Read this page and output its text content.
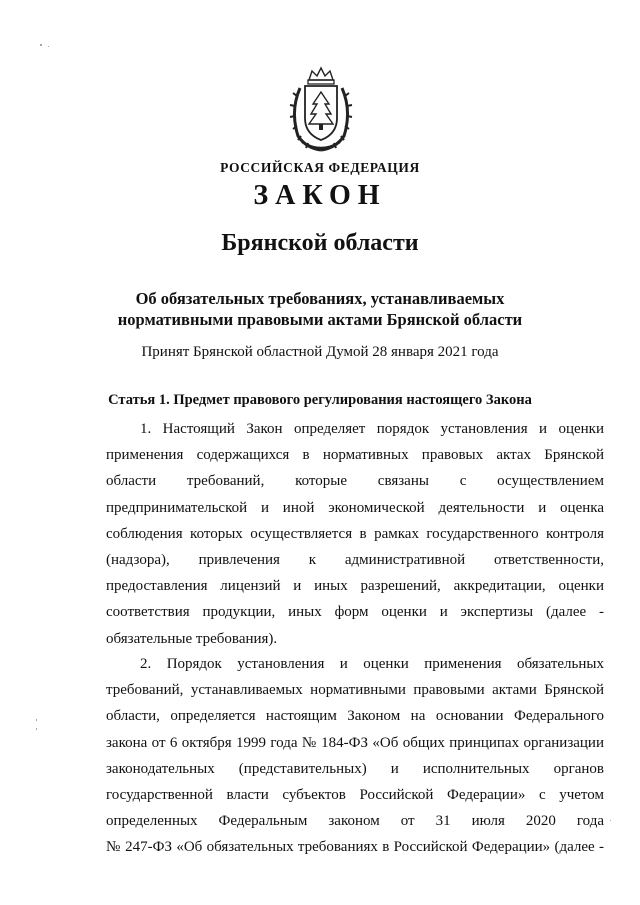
РОССИЙСКАЯ ФЕДЕРАЦИЯ
ЗАКОН
Брянской области
Об обязательных требованиях, устанавливаемых
нормативными правовыми актами Брянской области
Принят Брянской областной Думой 28 января 2021 года
Статья 1. Предмет правового регулирования настоящего Закона
1. Настоящий Закон определяет порядок установления и оценки
применения содержащихся в нормативных правовых актах Брянской
области требований, которые связаны с осуществлением
предпринимательской и иной экономической деятельности и оценка
соблюдения которых осуществляется в рамках государственного контроля
(надзора), привлечения к административной ответственности,
предоставления лицензий и иных разрешений, аккредитации, оценки
соответствия продукции, иных форм оценки и экспертизы (далее -
обязательные требования).
2. Порядок установления и оценки применения обязательных
требований, устанавливаемых нормативными правовыми актами Брянской
области, определяется настоящим Законом на основании Федерального
закона от 6 октября 1999 года № 184-ФЗ «Об общих принципах организации
законодательных (представительных) и исполнительных органов
государственной власти субъектов Российской Федерации» с учетом
определенных Федеральным законом от 31 июля 2020 года
№ 247-ФЗ «Об обязательных требованиях в Российской Федерации» (далее -
